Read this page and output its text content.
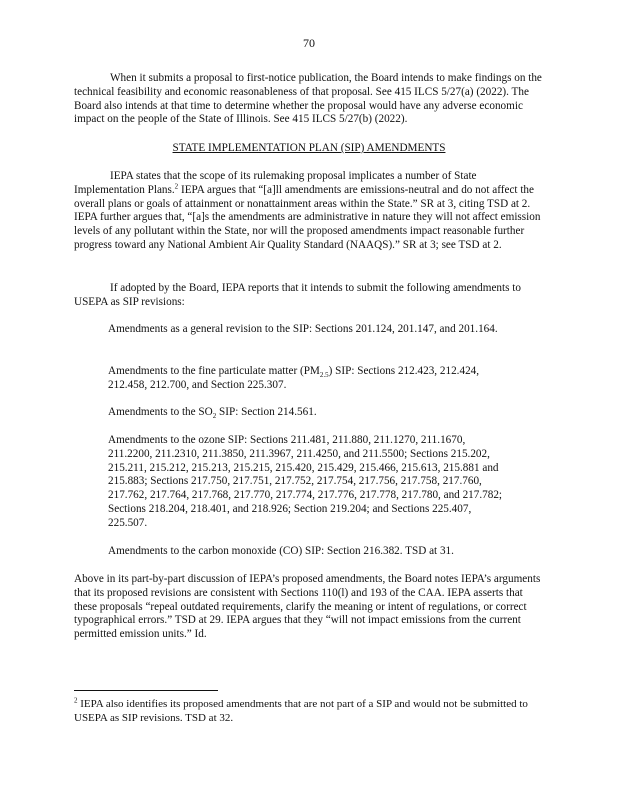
70

When it submits a proposal to first-notice publication, the Board intends to make findings on the technical feasibility and economic reasonableness of that proposal. See 415 ILCS 5/27(a) (2022). The Board also intends at that time to determine whether the proposal would have any adverse economic impact on the people of the State of Illinois. See 415 ILCS 5/27(b) (2022).

STATE IMPLEMENTATION PLAN (SIP) AMENDMENTS

IEPA states that the scope of its rulemaking proposal implicates a number of State Implementation Plans.$^2$ IEPA argues that “[a]ll amendments are emissions-neutral and do not affect the overall plans or goals of attainment or nonattainment areas within the State.” SR at 3, citing TSD at 2. IEPA further argues that, “[a]s the amendments are administrative in nature they will not affect emission levels of any pollutant within the State, nor will the proposed amendments impact reasonable further progress toward any National Ambient Air Quality Standard (NAAQS).” SR at 3; see TSD at 2.

If adopted by the Board, IEPA reports that it intends to submit the following amendments to USEPA as SIP revisions:

Amendments as a general revision to the SIP: Sections 201.124, 201.147, and 201.164.

Amendments to the fine particulate matter $(PM_{2.5})$ SIP: Sections 212.423, 212.424, 212.458, 212.700, and Section 225.307.

Amendments to the $SO_2$ SIP: Section 214.561.

Amendments to the ozone SIP: Sections 211.481, 211.880, 211.1270, 211.1670, 211.2200, 211.2310, 211.3850, 211.3967, 211.4250, and 211.5500; Sections 215.202, 215.211, 215.212, 215.213, 215.215, 215.420, 215.429, 215.466, 215.613, 215.881 and 215.883; Sections 217.750, 217.751, 217.752, 217.754, 217.756, 217.758, 217.760, 217.762, 217.764, 217.768, 217.770, 217.774, 217.776, 217.778, 217.780, and 217.782; Sections 218.204, 218.401, and 218.926; Section 219.204; and Sections 225.407, 225.507.

Amendments to the carbon monoxide (CO) SIP: Section 216.382. TSD at 31.

Above in its part-by-part discussion of IEPA’s proposed amendments, the Board notes IEPA’s arguments that its proposed revisions are consistent with Sections 110(l) and 193 of the CAA. IEPA asserts that these proposals “repeal outdated requirements, clarify the meaning or intent of regulations, or correct typographical errors.” TSD at 29. IEPA argues that they “will not impact emissions from the current permitted emission units.” Id.

$^2$ IEPA also identifies its proposed amendments that are not part of a SIP and would not be submitted to USEPA as SIP revisions. TSD at 32.
